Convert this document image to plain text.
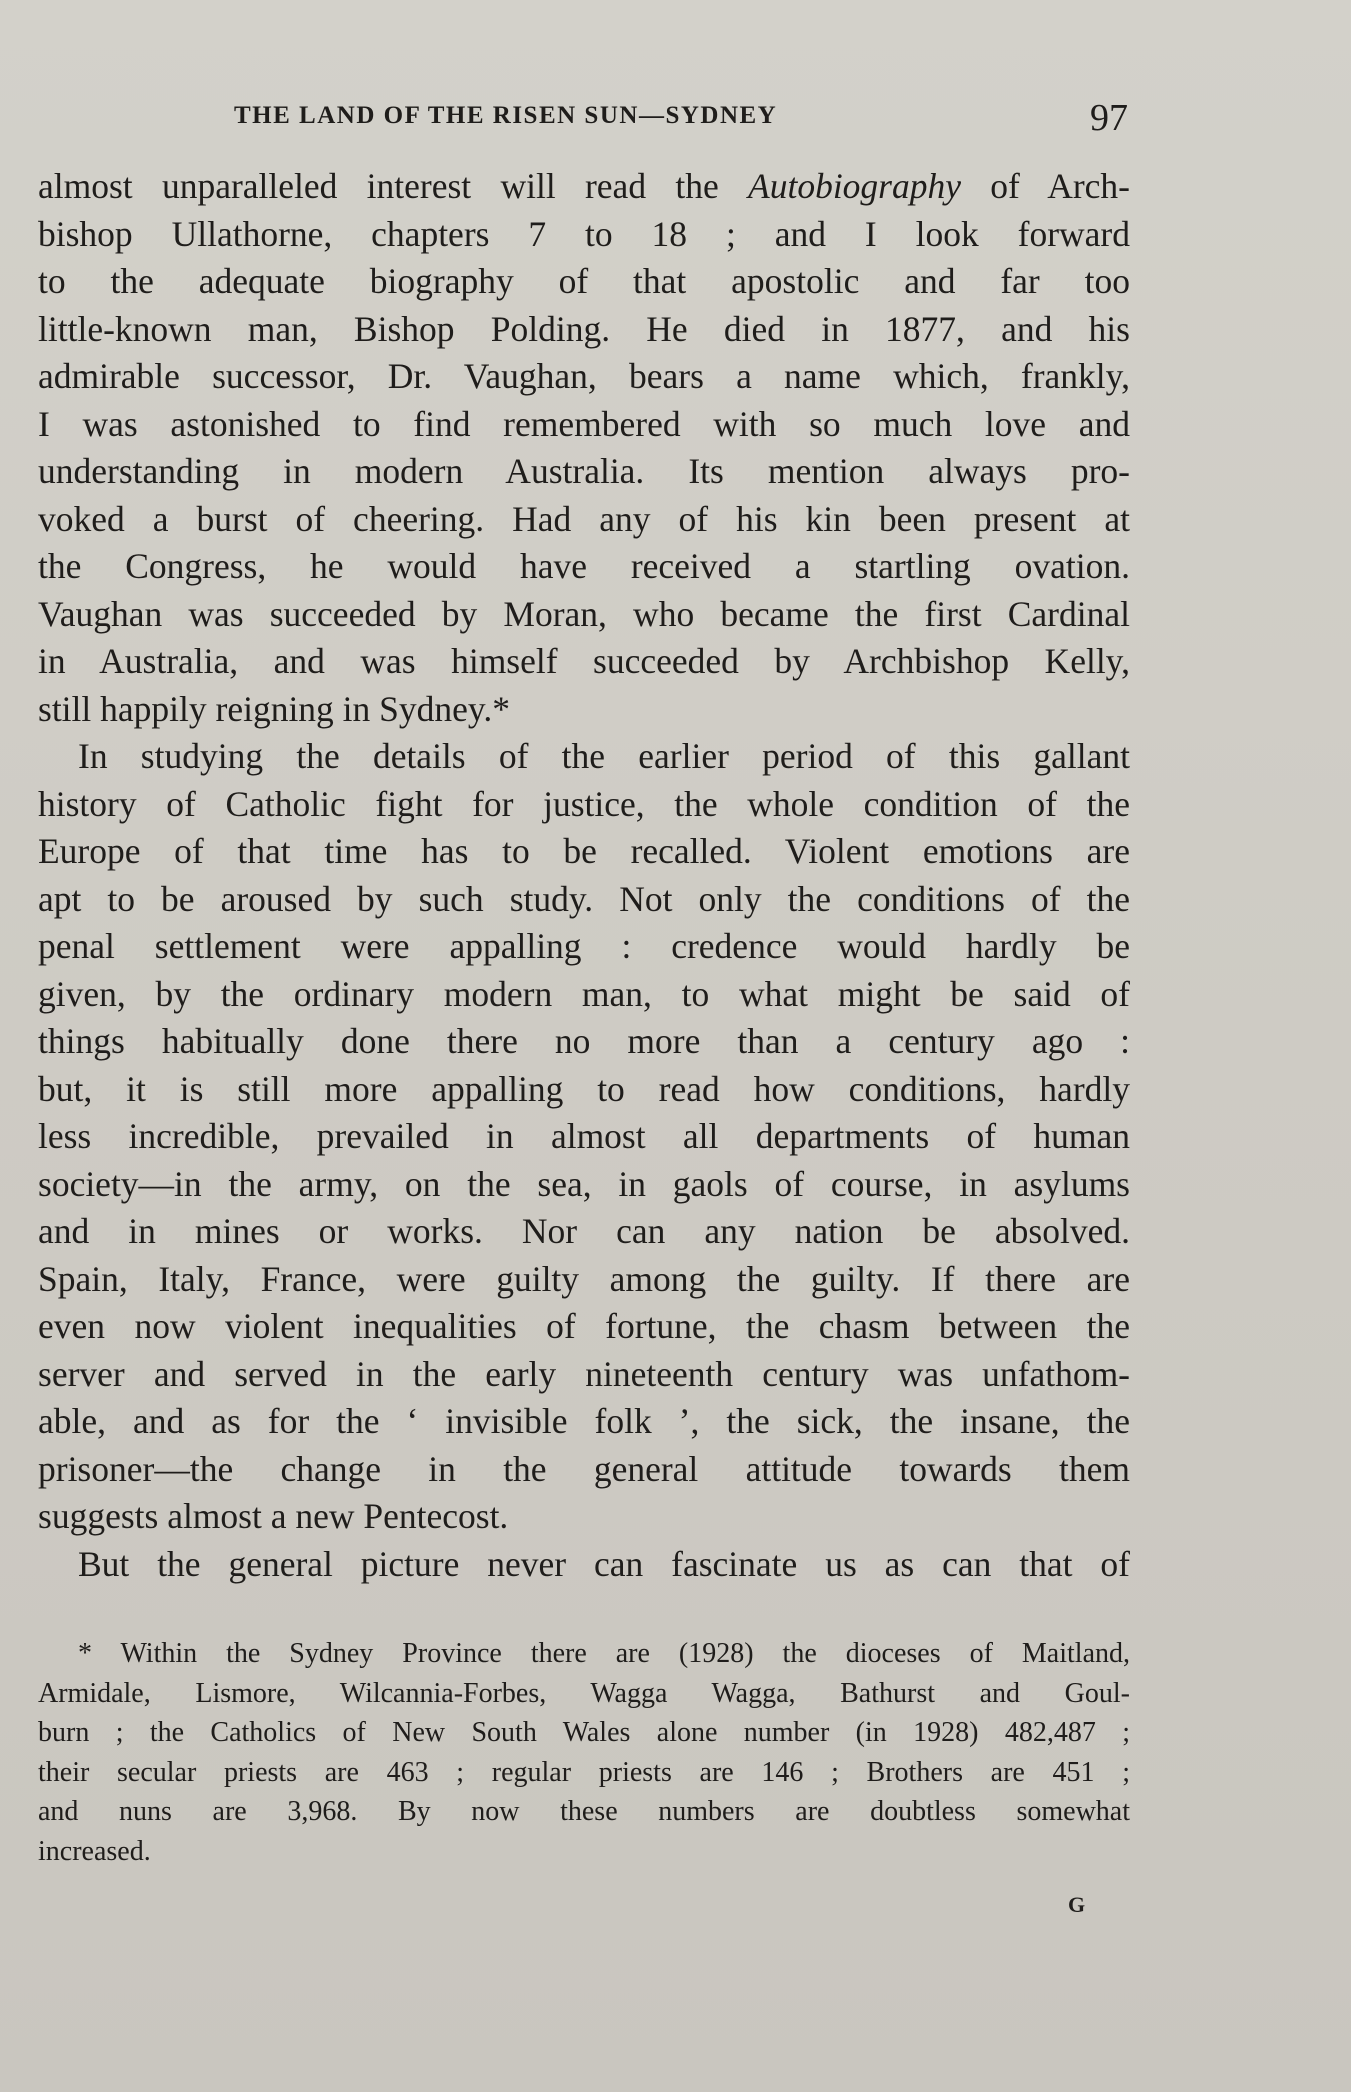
THE LAND OF THE RISEN SUN—SYDNEY	97
almost unparalleled interest will read the Autobiography of Arch-
bishop Ullathorne, chapters 7 to 18 ; and I look forward
to the adequate biography of that apostolic and far too
little-known man, Bishop Polding. He died in 1877, and his
admirable successor, Dr. Vaughan, bears a name which, frankly,
I was astonished to find remembered with so much love and
understanding in modern Australia. Its mention always pro-
voked a burst of cheering. Had any of his kin been present at
the Congress, he would have received a startling ovation.
Vaughan was succeeded by Moran, who became the first Cardinal
in Australia, and was himself succeeded by Archbishop Kelly,
still happily reigning in Sydney.*
In studying the details of the earlier period of this gallant
history of Catholic fight for justice, the whole condition of the
Europe of that time has to be recalled. Violent emotions are
apt to be aroused by such study. Not only the conditions of the
penal settlement were appalling : credence would hardly be
given, by the ordinary modern man, to what might be said of
things habitually done there no more than a century ago :
but, it is still more appalling to read how conditions, hardly
less incredible, prevailed in almost all departments of human
society—in the army, on the sea, in gaols of course, in asylums
and in mines or works. Nor can any nation be absolved.
Spain, Italy, France, were guilty among the guilty. If there are
even now violent inequalities of fortune, the chasm between the
server and served in the early nineteenth century was unfathom-
able, and as for the ‘ invisible folk ’, the sick, the insane, the
prisoner—the change in the general attitude towards them
suggests almost a new Pentecost.
But the general picture never can fascinate us as can that of
* Within the Sydney Province there are (1928) the dioceses of Maitland,
Armidale, Lismore, Wilcannia-Forbes, Wagga Wagga, Bathurst and Goul-
burn ; the Catholics of New South Wales alone number (in 1928) 482,487 ;
their secular priests are 463 ; regular priests are 146 ; Brothers are 451 ;
and nuns are 3,968. By now these numbers are doubtless somewhat
increased.
G
